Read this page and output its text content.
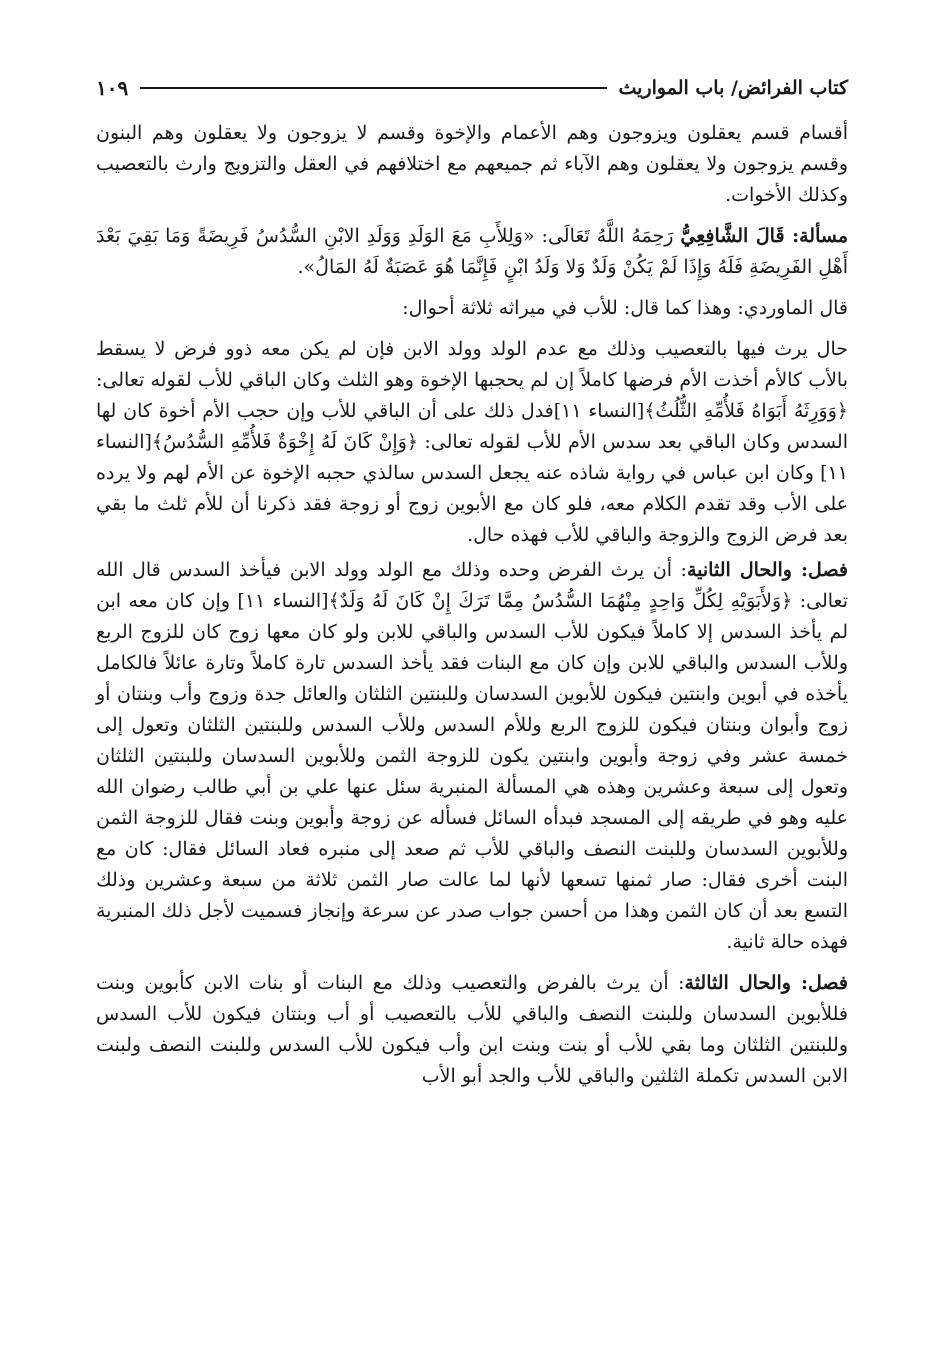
كتاب الفرائض/ باب المواريث
١٠٩

أقسام قسم يعقلون ويزوجون وهم الأعمام والإخوة وقسم لا يزوجون ولا يعقلون وهم البنون وقسم يزوجون ولا يعقلون وهم الآباء ثم جميعهم مع اختلافهم في العقل والتزويج وارث بالتعصيب وكذلك الأخوات.

مسألة: قَالَ الشَّافِعِيُّ رَحِمَهُ اللَّهُ تَعَالَى: «وَلِلأَبِ مَعَ الوَلَدِ وَوَلَدِ الابْنِ السُّدُسُ فَرِيضَةً وَمَا بَقِيَ بَعْدَ أَهْلِ الفَرِيضَةِ فَلَهُ وَإِذَا لَمْ يَكُنْ وَلَدٌ وَلا وَلَدُ ابْنٍ فَإِنَّمَا هُوَ عَصَبَةٌ لَهُ المَالُ».

قال الماوردي: وهذا كما قال: للأب في ميراثه ثلاثة أحوال:

حال يرث فيها بالتعصيب وذلك مع عدم الولد وولد الابن فإن لم يكن معه ذوو فرض لا يسقط بالأب كالأم أخذت الأم فرضها كاملاً إن لم يحجبها الإخوة وهو الثلث وكان الباقي للأب لقوله تعالى: ﴿وَوَرِثَهُ أَبَوَاهُ فَلأُمِّهِ الثُّلُثُ﴾[النساء ١١]فدل ذلك على أن الباقي للأب وإن حجب الأم أخوة كان لها السدس وكان الباقي بعد سدس الأم للأب لقوله تعالى: ﴿وَإِنْ كَانَ لَهُ إِخْوَةٌ فَلأُمِّهِ السُّدُسُ﴾[النساء ١١] وكان ابن عباس في رواية شاذه عنه يجعل السدس سالذي حجبه الإخوة عن الأم لهم ولا يرده على الأب وقد تقدم الكلام معه، فلو كان مع الأبوين زوج أو زوجة فقد ذكرنا أن للأم ثلث ما بقي بعد فرض الزوج والزوجة والباقي للأب فهذه حال.

فصل: والحال الثانية: أن يرث الفرض وحده وذلك مع الولد وولد الابن فيأخذ السدس قال الله تعالى: ﴿وَلأَبَوَيْهِ لِكُلِّ وَاحِدٍ مِنْهُمَا السُّدُسُ مِمَّا تَرَكَ إِنْ كَانَ لَهُ وَلَدٌ﴾[النساء ١١] وإن كان معه ابن لم يأخذ السدس إلا كاملاً فيكون للأب السدس والباقي للابن ولو كان معها زوج كان للزوج الربع وللأب السدس والباقي للابن وإن كان مع البنات فقد يأخذ السدس تارة كاملاً وتارة عائلاً فالكامل يأخذه في أبوين وابنتين فيكون للأبوين السدسان وللبنتين الثلثان والعائل جدة وزوج وأب وبنتان أو زوج وأبوان وبنتان فيكون للزوج الربع وللأم السدس وللأب السدس وللبنتين الثلثان وتعول إلى خمسة عشر وفي زوجة وأبوين وابنتين يكون للزوجة الثمن وللأبوين السدسان وللبنتين الثلثان وتعول إلى سبعة وعشرين وهذه هي المسألة المنبرية سئل عنها علي بن أبي طالب رضوان الله عليه وهو في طريقه إلى المسجد فبدأه السائل فسأله عن زوجة وأبوين وبنت فقال للزوجة الثمن وللأبوين السدسان وللبنت النصف والباقي للأب ثم صعد إلى منبره فعاد السائل فقال: كان مع البنت أخرى فقال: صار ثمنها تسعها لأنها لما عالت صار الثمن ثلاثة من سبعة وعشرين وذلك التسع بعد أن كان الثمن وهذا من أحسن جواب صدر عن سرعة وإنجاز فسميت لأجل ذلك المنبرية فهذه حالة ثانية.

فصل: والحال الثالثة: أن يرث بالفرض والتعصيب وذلك مع البنات أو بنات الابن كأبوين وبنت فللأبوين السدسان وللبنت النصف والباقي للأب بالتعصيب أو أب وبنتان فيكون للأب السدس وللبنتين الثلثان وما بقي للأب أو بنت وبنت ابن وأب فيكون للأب السدس وللبنت النصف ولبنت الابن السدس تكملة الثلثين والباقي للأب والجد أبو الأب
